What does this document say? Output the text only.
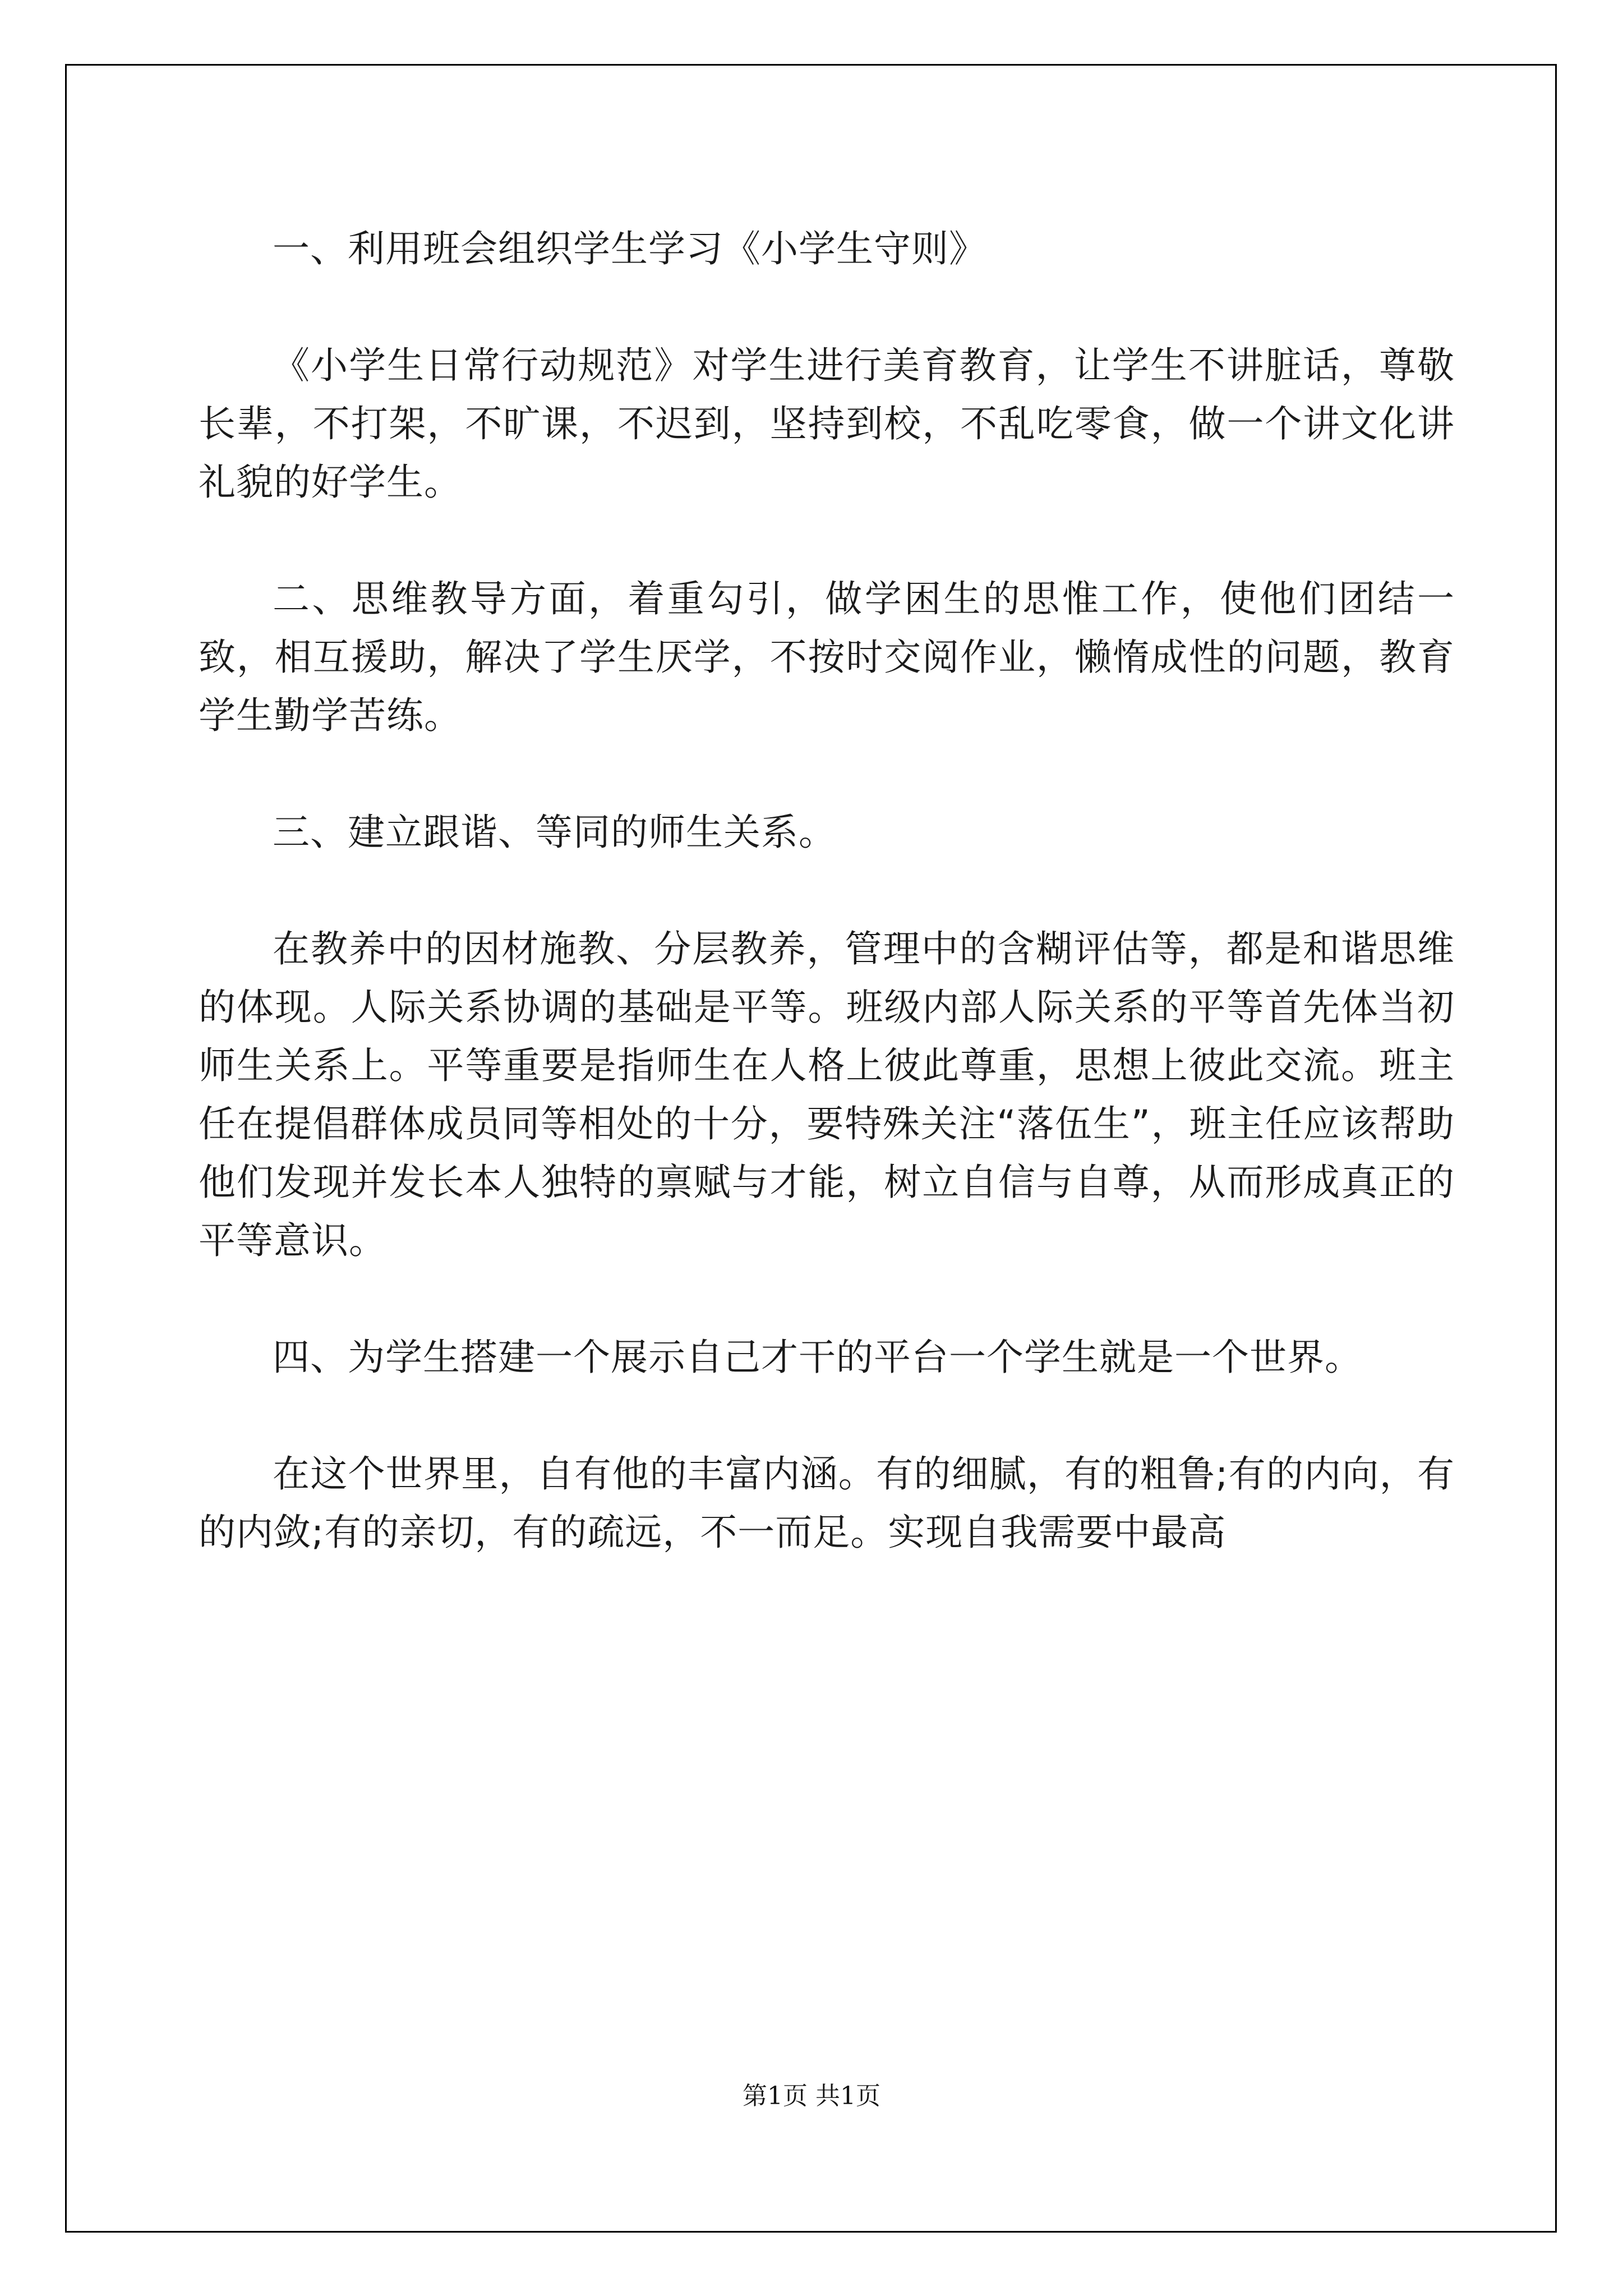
一、利用班会组织学生学习《小学生守则》

《小学生日常行动规范》对学生进行美育教育，让学生不讲脏话，尊敬长辈，不打架，不旷课，不迟到，坚持到校，不乱吃零食，做一个讲文化讲礼貌的好学生。

二、思维教导方面，着重勾引，做学困生的思惟工作，使他们团结一致，相互援助，解决了学生厌学，不按时交阅作业，懒惰成性的问题，教育学生勤学苦练。

三、建立跟谐、等同的师生关系。

在教养中的因材施教、分层教养，管理中的含糊评估等，都是和谐思维的体现。人际关系协调的基础是平等。班级内部人际关系的平等首先体当初师生关系上。平等重要是指师生在人格上彼此尊重，思想上彼此交流。班主任在提倡群体成员同等相处的十分，要特殊关注“落伍生”，班主任应该帮助他们发现并发长本人独特的禀赋与才能，树立自信与自尊，从而形成真正的平等意识。

四、为学生搭建一个展示自己才干的平台一个学生就是一个世界。

在这个世界里，自有他的丰富内涵。有的细腻，有的粗鲁;有的内向，有的内敛;有的亲切，有的疏远，不一而足。实现自我需要中最高

第1页 共1页
